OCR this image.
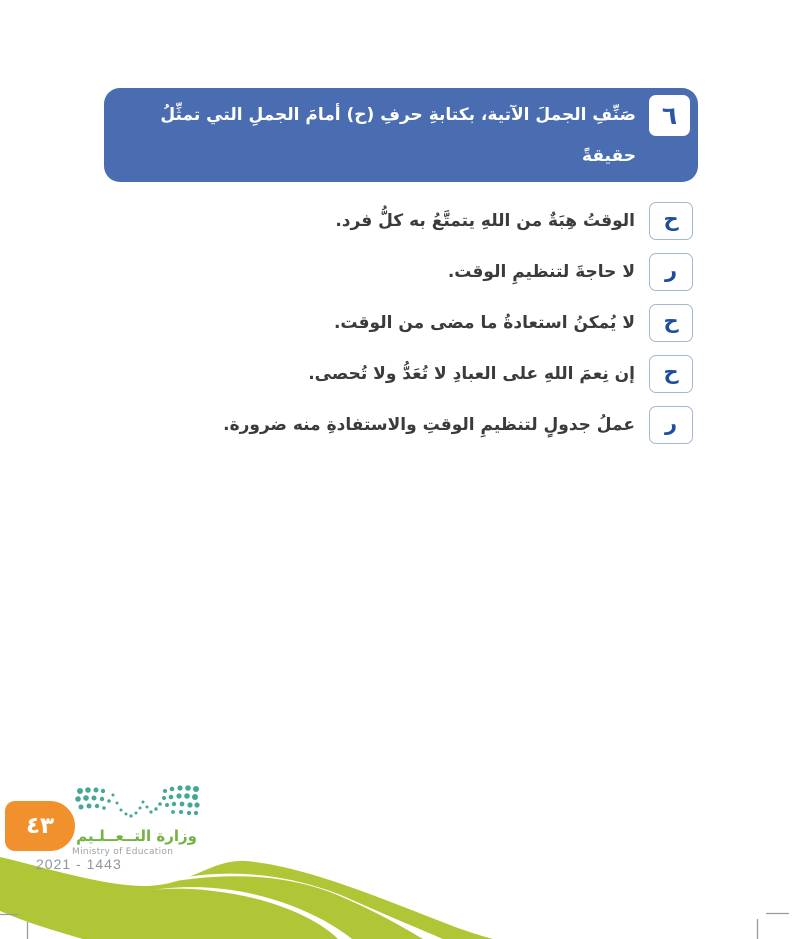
٦
صَنِّفِ الجملَ الآتية، بكتابةِ حرفِ (ح) أمامَ الجملِ التي تمثِّلُ حقيقةً
وحرفَ (ر) أمامَ الجملِ التي تعبِّرُ عن رأي:
ح
الوقتُ هِبَةٌ من اللهِ يتمتَّعُ به كلُّ فرد.
ر
لا حاجةَ لتنظيمِ الوقت.
ح
لا يُمكنُ استعادةُ ما مضى من الوقت.
ح
إن نِعمَ اللهِ على العبادِ لا تُعَدُّ ولا تُحصى.
ر
عملُ جدولٍ لتنظيمِ الوقتِ والاستفادةِ منه ضرورة.
٤٣	وزارة التــعــلـيم
Ministry of Education
2021 - 1443
